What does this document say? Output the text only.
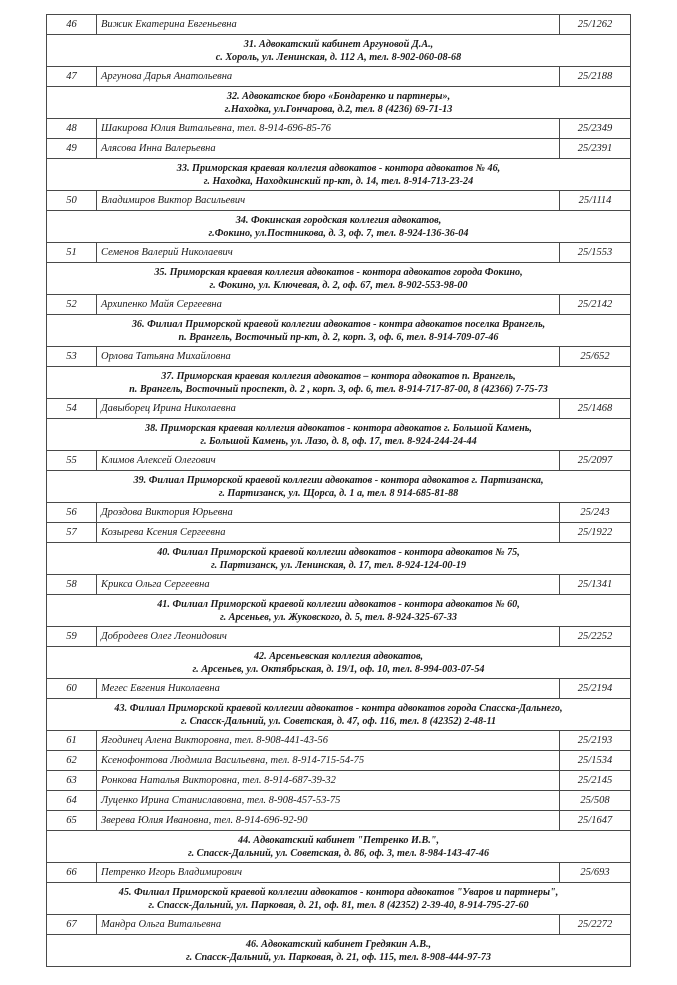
46	Вижик Екатерина Евгеньевна	25/1262

31. Адвокатский кабинет Аргуновой Д.А.,
с. Хороль, ул. Ленинская, д. 112 А, тел. 8-902-060-08-68		

47	Аргунова Дарья Анатольевна	25/2188

32. Адвокатское бюро «Бондаренко и партнеры»,
г.Находка, ул.Гончарова, д.2, тел. 8 (4236) 69-71-13		

48	Шакирова Юлия Витальевна, тел. 8-914-696-85-76	25/2349
49	Алясова Инна Валерьевна	25/2391

33. Приморская краевая коллегия адвокатов - контора адвокатов № 46,
г. Находка, Находкинский пр-кт, д. 14, тел. 8-914-713-23-24		

50	Владимиров Виктор Васильевич	25/1114

34. Фокинская городская коллегия адвокатов,
г.Фокино, ул.Постникова, д. 3, оф. 7, тел. 8-924-136-36-04		

51	Семенов Валерий Николаевич	25/1553

35. Приморская краевая коллегия адвокатов - контора адвокатов города Фокино,
г. Фокино, ул. Ключевая, д. 2, оф. 67, тел. 8-902-553-98-00		

52	Архипенко Майя Сергеевна	25/2142

36. Филиал Приморской краевой коллегии адвокатов - контра адвокатов поселка Врангель,
п. Врангель, Восточный пр-кт, д. 2, корп. 3, оф. 6, тел. 8-914-709-07-46		

53	Орлова Татьяна Михайловна	25/652

37. Приморская краевая коллегия адвокатов – контора адвокатов п. Врангель,
п. Врангель, Восточный проспект, д. 2 , корп. 3, оф. 6, тел. 8-914-717-87-00, 8 (42366) 7-75-73		

54	Давыборец Ирина Николаевна	25/1468

38. Приморская краевая коллегия адвокатов - контора адвокатов г. Большой Камень,
г. Большой Камень, ул. Лазо, д. 8, оф. 17, тел. 8-924-244-24-44		

55	Климов Алексей Олегович	25/2097

39. Филиал Приморской краевой коллегии адвокатов - контора адвокатов г. Партизанска,
г. Партизанск, ул. Щорса, д. 1 а, тел. 8 914-685-81-88		

56	Дроздова Виктория Юрьевна	25/243
57	Козырева Ксения Сергеевна	25/1922

40. Филиал Приморской краевой коллегии адвокатов - контора адвокатов № 75,
г. Партизанск, ул. Ленинская, д. 17, тел. 8-924-124-00-19		

58	Крикса Ольга Сергеевна	25/1341

41. Филиал Приморской краевой коллегии адвокатов - контора адвокатов № 60,
г. Арсеньев, ул. Жуковского, д. 5, тел. 8-924-325-67-33		

59	Добродеев Олег Леонидович	25/2252

42. Арсеньевская коллегия адвокатов,
г. Арсеньев, ул. Октябрьская, д. 19/1, оф. 10, тел. 8-994-003-07-54		

60	Мегес Евгения Николаевна	25/2194

43. Филиал Приморской краевой коллегии адвокатов - контра адвокатов города Спасска-Дальнего,
г. Спасск-Дальний, ул. Советская, д. 47, оф. 116, тел. 8 (42352) 2-48-11		

61	Ягодинец Алена Викторовна, тел. 8-908-441-43-56	25/2193
62	Ксенофонтова Людмила Васильевна, тел. 8-914-715-54-75	25/1534
63	Ронкова Наталья Викторовна, тел. 8-914-687-39-32	25/2145
64	Луценко Ирина Станиславовна, тел. 8-908-457-53-75	25/508
65	Зверева Юлия Ивановна, тел. 8-914-696-92-90	25/1647

44. Адвокатский кабинет "Петренко И.В.",
г. Спасск-Дальний, ул. Советская, д. 86, оф. 3, тел. 8-984-143-47-46		

66	Петренко Игорь Владимирович	25/693

45. Филиал Приморской краевой коллегии адвокатов - контора адвокатов "Уваров и партнеры",
г. Спасск-Дальний, ул. Парковая, д. 21, оф. 81, тел. 8 (42352) 2-39-40, 8-914-795-27-60		

67	Мандра Ольга Витальевна	25/2272

46. Адвокатский кабинет Гредякин А.В.,
г. Спасск-Дальний, ул. Парковая, д. 21, оф. 115, тел. 8-908-444-97-73		
